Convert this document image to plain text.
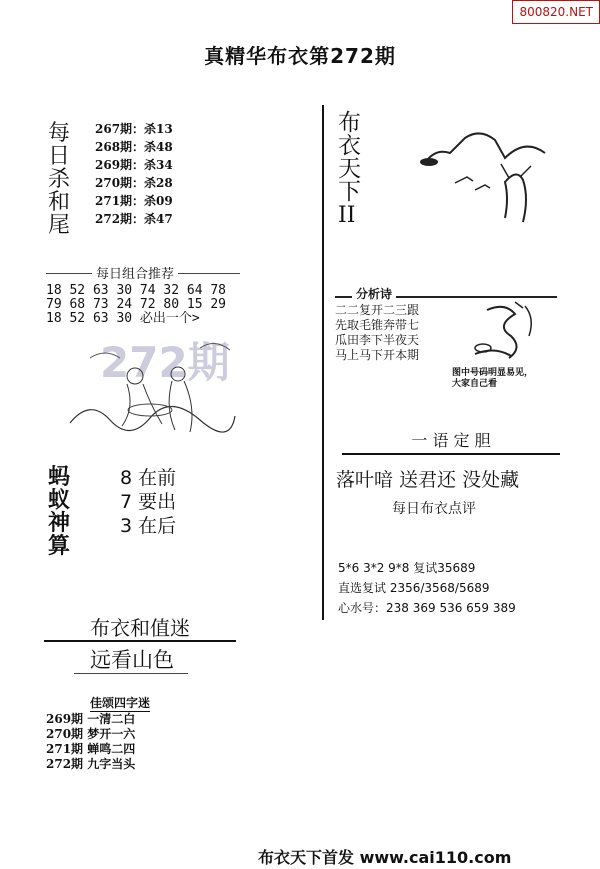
800820.NET
真精华布衣第272期
每
日
杀
和
尾
267期：杀13
268期：杀48
269期：杀34
270期：杀28
271期：杀09
272期：杀47
每日组合推荐
18 52 63 30 74 32 64 78
79 68 73 24 72 80 15 29
18 52 63 30 必出一个>
272期
蚂
蚁
神
算
8 在前
7 要出
3 在后
布衣和值迷
远看山色
佳颂四字迷
269期 一清二白
270期 梦开一六
271期 蝉鸣二四
272期 九字当头
布
衣
天
下
II
分析诗
二二复开二三跟
先取毛锥奔带七
瓜田李下半夜天
马上马下开本期
图中号码明显易见，
大家自己看
一 语 定 胆
落叶喑 送君还 没处藏
每日布衣点评
5*6 3*2 9*8 复试35689
直选复试 2356/3568/5689
心水号：238 369 536 659 389
布衣天下首发 www.cai110.com
